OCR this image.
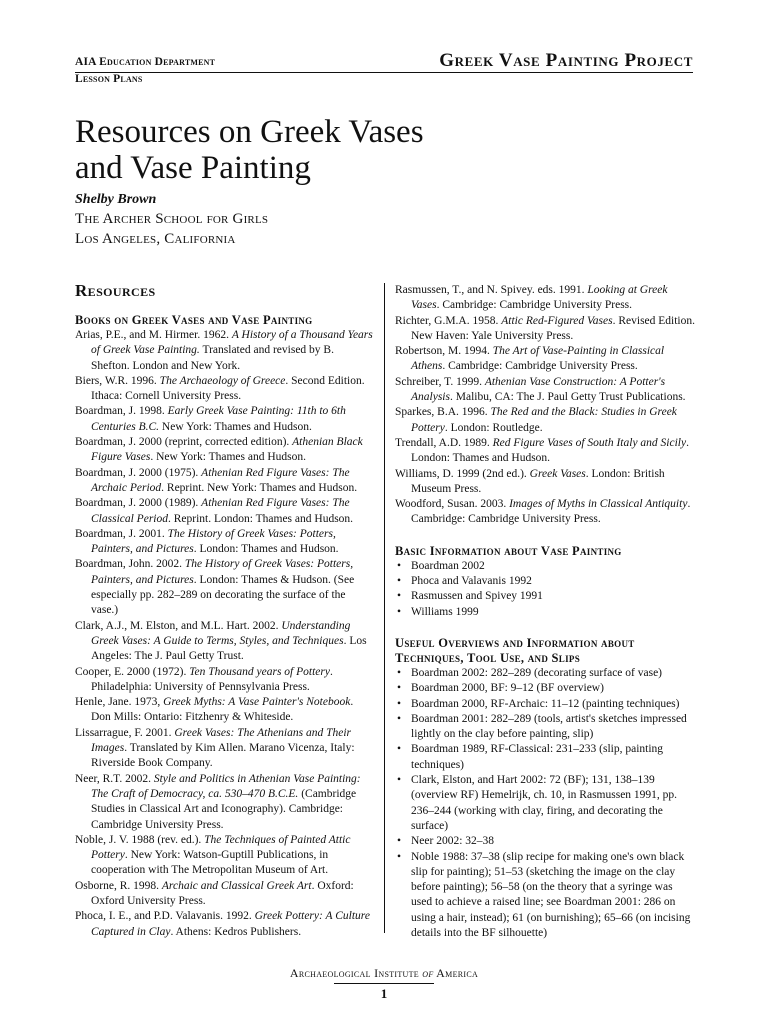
AIA Education Department
Lesson Plans
Greek Vase Painting Project
Resources on Greek Vases
and Vase Painting
Shelby Brown
The Archer School for Girls
Los Angeles, California
Resources
Books on Greek Vases and Vase Painting

Arias, P.E., and M. Hirmer. 1962. A History of a Thousand Years of Greek Vase Painting. Translated and revised by B. Shefton. London and New York.

Biers, W.R. 1996. The Archaeology of Greece. Second Edition. Ithaca: Cornell University Press.

Boardman, J. 1998. Early Greek Vase Painting: 11th to 6th Centuries B.C. New York: Thames and Hudson.

Boardman, J. 2000 (reprint, corrected edition). Athenian Black Figure Vases. New York: Thames and Hudson.

Boardman, J. 2000 (1975). Athenian Red Figure Vases: The Archaic Period. Reprint. New York: Thames and Hudson.

Boardman, J. 2000 (1989). Athenian Red Figure Vases: The Classical Period. Reprint. London: Thames and Hudson.

Boardman, J. 2001. The History of Greek Vases: Potters, Painters, and Pictures. London: Thames and Hudson.

Boardman, John. 2002. The History of Greek Vases: Potters, Painters, and Pictures. London: Thames & Hudson. (See especially pp. 282–289 on decorating the surface of the vase.)

Clark, A.J., M. Elston, and M.L. Hart. 2002. Understanding Greek Vases: A Guide to Terms, Styles, and Techniques. Los Angeles: The J. Paul Getty Trust.

Cooper, E. 2000 (1972). Ten Thousand years of Pottery. Philadelphia: University of Pennsylvania Press.

Henle, Jane. 1973, Greek Myths: A Vase Painter's Notebook. Don Mills: Ontario: Fitzhenry & Whiteside.

Lissarrague, F. 2001. Greek Vases: The Athenians and Their Images. Translated by Kim Allen. Marano Vicenza, Italy: Riverside Book Company.

Neer, R.T. 2002. Style and Politics in Athenian Vase Painting: The Craft of Democracy, ca. 530–470 B.C.E. (Cambridge Studies in Classical Art and Iconography). Cambridge: Cambridge University Press.

Noble, J. V. 1988 (rev. ed.). The Techniques of Painted Attic Pottery. New York: Watson-Guptill Publications, in cooperation with The Metropolitan Museum of Art.

Osborne, R. 1998. Archaic and Classical Greek Art. Oxford: Oxford University Press.

Phoca, I. E., and P.D. Valavanis. 1992. Greek Pottery: A Culture Captured in Clay. Athens: Kedros Publishers.

Rasmussen, T., and N. Spivey. eds. 1991. Looking at Greek Vases. Cambridge: Cambridge University Press.

Richter, G.M.A. 1958. Attic Red-Figured Vases. Revised Edition. New Haven: Yale University Press.

Robertson, M. 1994. The Art of Vase-Painting in Classical Athens. Cambridge: Cambridge University Press.

Schreiber, T. 1999. Athenian Vase Construction: A Potter's Analysis. Malibu, CA: The J. Paul Getty Trust Publications.

Sparkes, B.A. 1996. The Red and the Black: Studies in Greek Pottery. London: Routledge.

Trendall, A.D. 1989. Red Figure Vases of South Italy and Sicily. London: Thames and Hudson.

Williams, D. 1999 (2nd ed.). Greek Vases. London: British Museum Press.

Woodford, Susan. 2003. Images of Myths in Classical Antiquity. Cambridge: Cambridge University Press.

Basic Information about Vase Painting
• Boardman 2002
• Phoca and Valavanis 1992
• Rasmussen and Spivey 1991
• Williams 1999
Useful Overviews and Information about
Techniques, Tool Use, and Slips
• Boardman 2002: 282–289 (decorating surface of vase)
• Boardman 2000, BF: 9–12 (BF overview)
• Boardman 2000, RF-Archaic: 11–12 (painting techniques)
• Boardman 2001: 282–289 (tools, artist's sketches impressed lightly on the clay before painting, slip)
• Boardman 1989, RF-Classical: 231–233 (slip, painting techniques)
• Clark, Elston, and Hart 2002: 72 (BF); 131, 138–139 (overview RF) Hemelrijk, ch. 10, in Rasmussen 1991, pp. 236–244 (working with clay, firing, and decorating the surface)
• Neer 2002: 32–38
• Noble 1988: 37–38 (slip recipe for making one's own black slip for painting); 51–53 (sketching the image on the clay before painting); 56–58 (on the theory that a syringe was used to achieve a raised line; see Boardman 2001: 286 on using a hair, instead); 61 (on burnishing); 65–66 (on incising details into the BF silhouette)
Archaeological Institute of America
1
